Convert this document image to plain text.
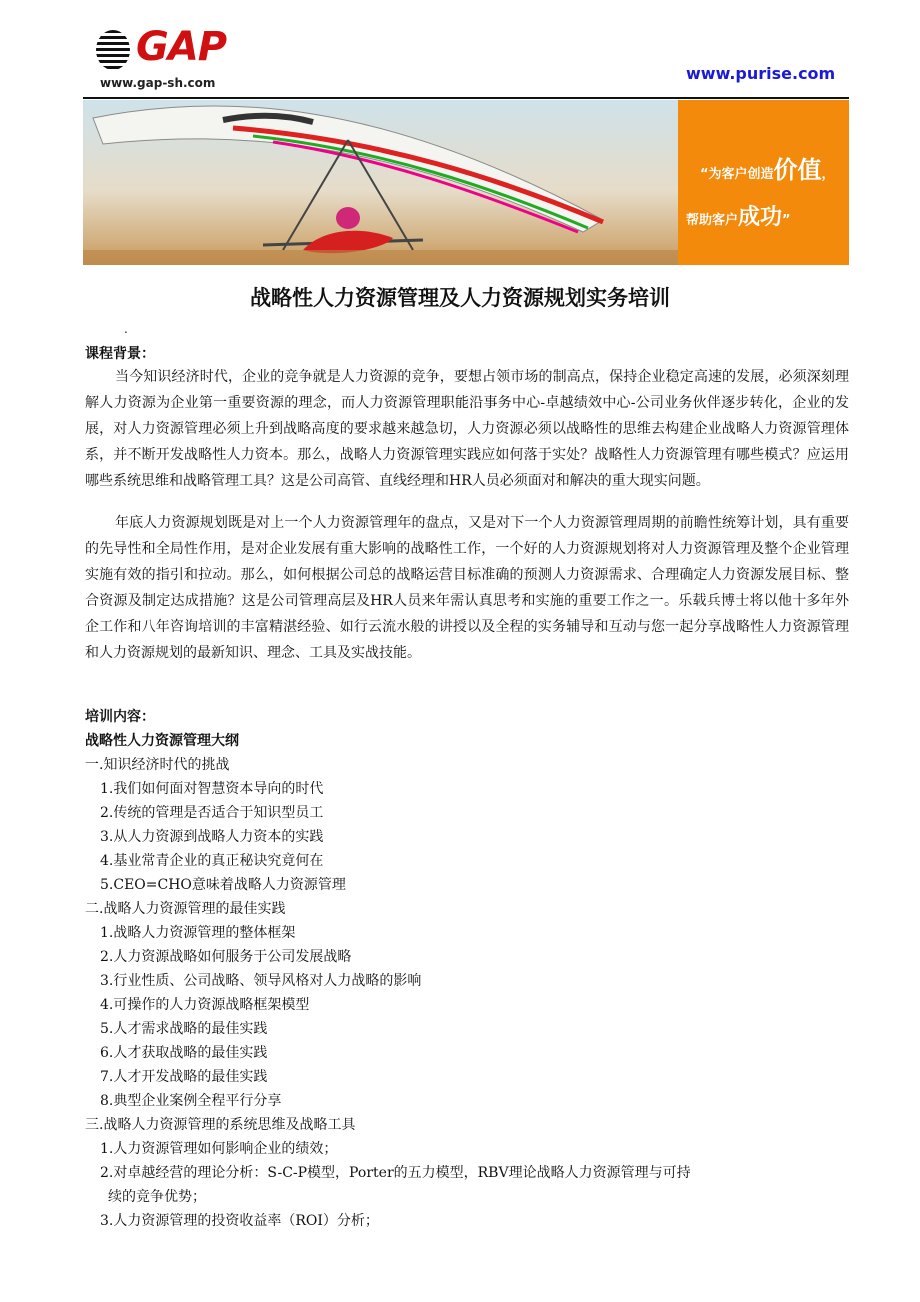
GAP
www.gap-sh.com	www.purise.com
“为客户创造价值，
帮助客户成功”
战略性人力资源管理及人力资源规划实务培训
.
课程背景：

当今知识经济时代，企业的竞争就是人力资源的竞争，要想占领市场的制高点，保持企业稳定高速的发展，必须深刻理解人力资源为企业第一重要资源的理念，而人力资源管理职能沿事务中心-卓越绩效中心-公司业务伙伴逐步转化，企业的发展，对人力资源管理必须上升到战略高度的要求越来越急切，人力资源必须以战略性的思维去构建企业战略人力资源管理体系，并不断开发战略性人力资本。那么，战略人力资源管理实践应如何落于实处？战略性人力资源管理有哪些模式？应运用哪些系统思维和战略管理工具？这是公司高管、直线经理和HR人员必须面对和解决的重大现实问题。

年底人力资源规划既是对上一个人力资源管理年的盘点，又是对下一个人力资源管理周期的前瞻性统筹计划，具有重要的先导性和全局性作用，是对企业发展有重大影响的战略性工作，一个好的人力资源规划将对人力资源管理及整个企业管理实施有效的指引和拉动。那么，如何根据公司总的战略运营目标准确的预测人力资源需求、合理确定人力资源发展目标、整合资源及制定达成措施？这是公司管理高层及HR人员来年需认真思考和实施的重要工作之一。乐载兵博士将以他十多年外企工作和八年咨询培训的丰富精湛经验、如行云流水般的讲授以及全程的实务辅导和互动与您一起分享战略性人力资源管理和人力资源规划的最新知识、理念、工具及实战技能。

培训内容：
战略性人力资源管理大纲
一.知识经济时代的挑战
1.我们如何面对智慧资本导向的时代
2.传统的管理是否适合于知识型员工
3.从人力资源到战略人力资本的实践
4.基业常青企业的真正秘诀究竟何在
5.CEO=CHO意味着战略人力资源管理
二.战略人力资源管理的最佳实践
1.战略人力资源管理的整体框架
2.人力资源战略如何服务于公司发展战略
3.行业性质、公司战略、领导风格对人力战略的影响
4.可操作的人力资源战略框架模型
5.人才需求战略的最佳实践
6.人才获取战略的最佳实践
7.人才开发战略的最佳实践
8.典型企业案例全程平行分享
三.战略人力资源管理的系统思维及战略工具
1.人力资源管理如何影响企业的绩效；
2.对卓越经营的理论分析：S-C-P模型，Porter的五力模型，RBV理论战略人力资源管理与可持
续的竞争优势；
3.人力资源管理的投资收益率（ROI）分析；
